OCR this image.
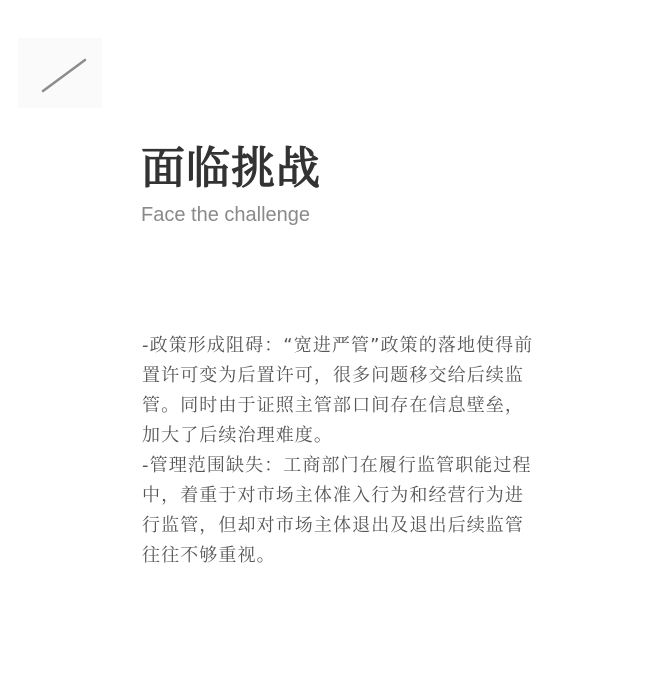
面临挑战
Face the challenge

-政策形成阻碍：“宽进严管”政策的落地使得前置许可变为后置许可，很多问题移交给后续监管。同时由于证照主管部口间存在信息壁垒，加大了后续治理难度。

-管理范围缺失：工商部门在履行监管职能过程中，着重于对市场主体准入行为和经营行为进行监管，但却对市场主体退出及退出后续监管往往不够重视。
